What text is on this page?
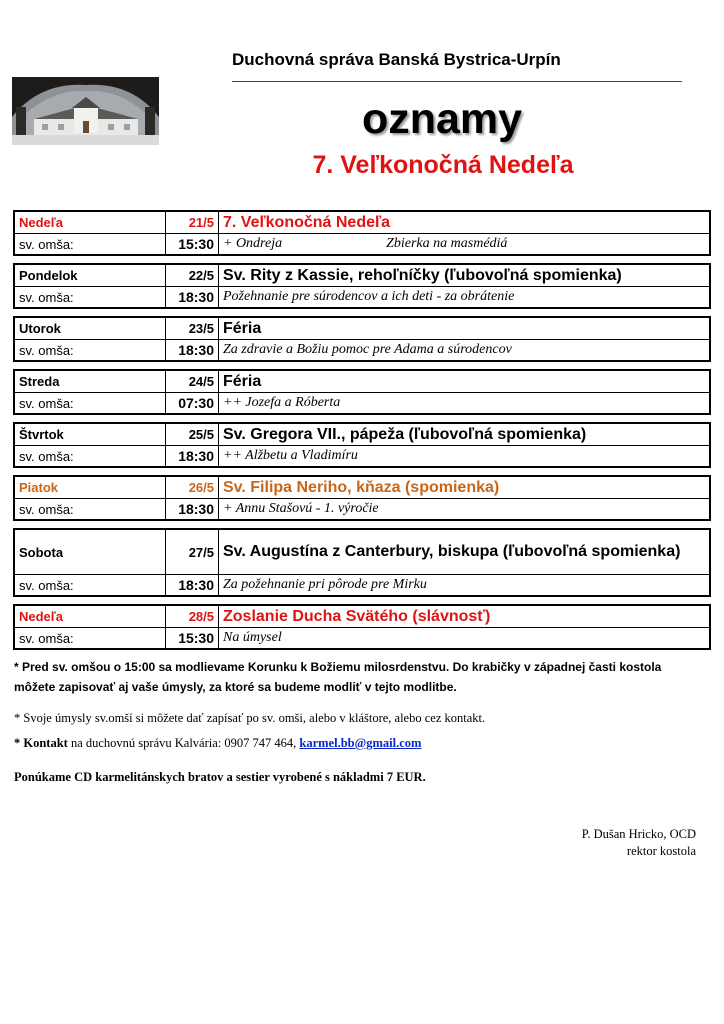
Duchovná správa Banská Bystrica-Urpín
oznamy
7. Veľkonočná Nedeľa
Nedeľa	21/5	7. Veľkonočná Nedeľa
sv. omša:	15:30	+ Ondreja Zbierka na masmédiá
Pondelok	22/5	Sv. Rity z Kassie, rehoľníčky (ľubovoľná spomienka)
sv. omša:	18:30	Požehnanie pre súrodencov a ich deti - za obrátenie
Utorok	23/5	Féria
sv. omša:	18:30	Za zdravie a Božiu pomoc pre Adama a súrodencov
Streda	24/5	Féria
sv. omša:	07:30	++ Jozefa a Róberta
Štvrtok	25/5	Sv. Gregora VII., pápeža (ľubovoľná spomienka)
sv. omša:	18:30	++ Alžbetu a Vladimíru
Piatok	26/5	Sv. Filipa Neriho, kňaza (spomienka)
sv. omša:	18:30	+ Annu Stašovú - 1. výročie
Sobota	27/5	Sv. Augustína z Canterbury, biskupa (ľubovoľná spomienka)
sv. omša:	18:30	Za požehnanie pri pôrode pre Mirku
Nedeľa	28/5	Zoslanie Ducha Svätého (slávnosť)
sv. omša:	15:30	Na úmysel

* Pred sv. omšou o 15:00 sa modlievame Korunku k Božiemu milosrdenstvu. Do krabičky v západnej časti kostola môžete zapisovať aj vaše úmysly, za ktoré sa budeme modliť v tejto modlitbe.

* Svoje úmysly sv.omší si môžete dať zapísať po sv. omši, alebo v kláštore, alebo cez kontakt.

* Kontakt na duchovnú správu Kalvária: 0907 747 464, karmel.bb@gmail.com

Ponúkame CD karmelitánskych bratov a sestier vyrobené s nákladmi 7 EUR.

P. Dušan Hricko, OCD
rektor kostola
